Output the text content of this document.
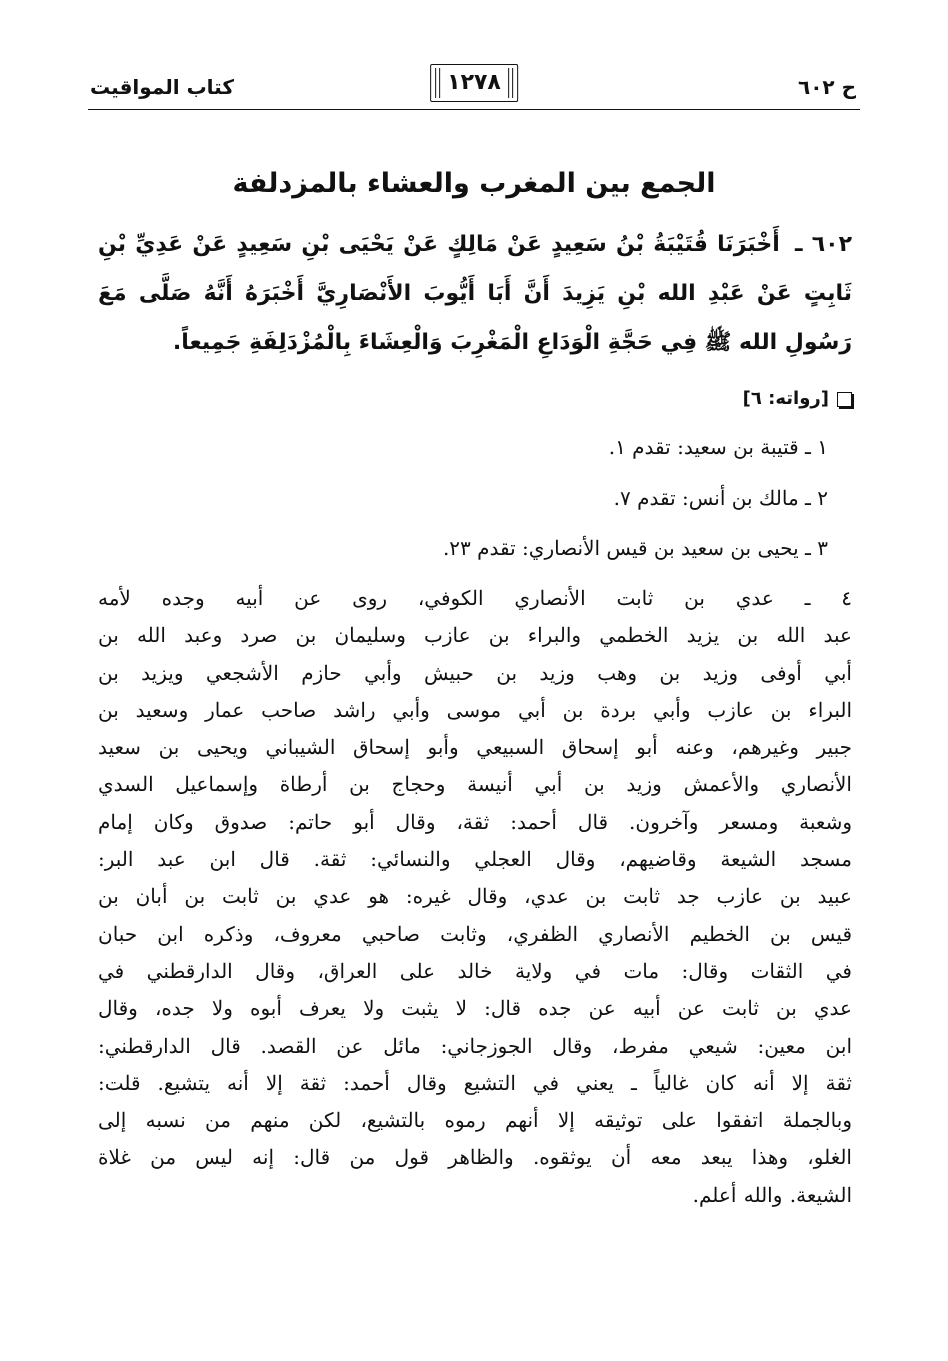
ح ٦٠٢
١٢٧٨
كتاب المواقيت
الجمع بين المغرب والعشاء بالمزدلفة
٦٠٢ ـ أَخْبَرَنَا قُتَيْبَةُ بْنُ سَعِيدٍ عَنْ مَالِكٍ عَنْ يَحْيَى بْنِ سَعِيدٍ عَنْ عَدِيِّ بْنِ ثَابِتٍ عَنْ عَبْدِ الله بْنِ يَزِيدَ أَنَّ أَبَا أَيُّوبَ الأَنْصَارِيَّ أَخْبَرَهُ أَنَّهُ صَلَّى مَعَ رَسُولِ الله ﷺ فِي حَجَّةِ الْوَدَاعِ الْمَغْرِبَ وَالْعِشَاءَ بِالْمُزْدَلِفَةِ جَمِيعاً.
[رواته: ٦]
١ ـ قتيبة بن سعيد: تقدم ١.
٢ ـ مالك بن أنس: تقدم ٧.
٣ ـ يحيى بن سعيد بن قيس الأنصاري: تقدم ٢٣.
٤ ـ عدي بن ثابت الأنصاري الكوفي، روى عن أبيه وجده لأمه
عبد الله بن يزيد الخطمي والبراء بن عازب وسليمان بن صرد وعبد الله بن
أبي أوفى وزيد بن وهب وزيد بن حبيش وأبي حازم الأشجعي ويزيد بن
البراء بن عازب وأبي بردة بن أبي موسى وأبي راشد صاحب عمار وسعيد بن
جبير وغيرهم، وعنه أبو إسحاق السبيعي وأبو إسحاق الشيباني ويحيى بن سعيد
الأنصاري والأعمش وزيد بن أبي أنيسة وحجاج بن أرطاة وإسماعيل السدي
وشعبة ومسعر وآخرون. قال أحمد: ثقة، وقال أبو حاتم: صدوق وكان إمام
مسجد الشيعة وقاضيهم، وقال العجلي والنسائي: ثقة. قال ابن عبد البر:
عبيد بن عازب جد ثابت بن عدي، وقال غيره: هو عدي بن ثابت بن أبان بن
قيس بن الخطيم الأنصاري الظفري، وثابت صاحبي معروف، وذكره ابن حبان
في الثقات وقال: مات في ولاية خالد على العراق، وقال الدارقطني في
عدي بن ثابت عن أبيه عن جده قال: لا يثبت ولا يعرف أبوه ولا جده، وقال
ابن معين: شيعي مفرط، وقال الجوزجاني: مائل عن القصد. قال الدارقطني:
ثقة إلا أنه كان غالياً ـ يعني في التشيع وقال أحمد: ثقة إلا أنه يتشيع. قلت:
وبالجملة اتفقوا على توثيقه إلا أنهم رموه بالتشيع، لكن منهم من نسبه إلى
الغلو، وهذا يبعد معه أن يوثقوه. والظاهر قول من قال: إنه ليس من غلاة
الشيعة. والله أعلم.
